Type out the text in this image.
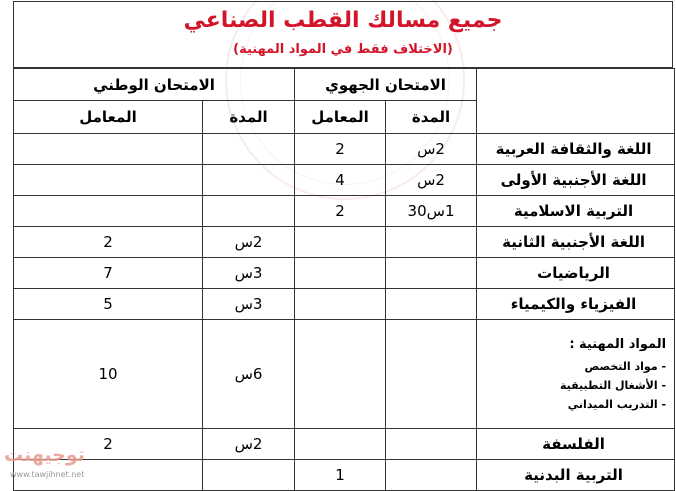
جميع مسالك القطب الصناعي
(الاختلاف فقط في المواد المهنية)
	الامتحان الجهوي		الامتحان الوطني	
	المدة	المعامل	المدة	المعامل
اللغة والثقافة العربية	2س	2		
اللغة الأجنبية الأولى	2س	4		
التربية الاسلامية	1س30	2		
اللغة الأجنبية الثانية			2س	2
الرياضيات			3س	7
الفيزياء والكيمياء			3س	5

المواد المهنية :
- مواد التخصص
- الأشغال التطبيقية
- التدريب الميداني			6س	10
الفلسفة			2س	2
التربية البدنية		1		
توجيهنت
www.tawjihnet.net
